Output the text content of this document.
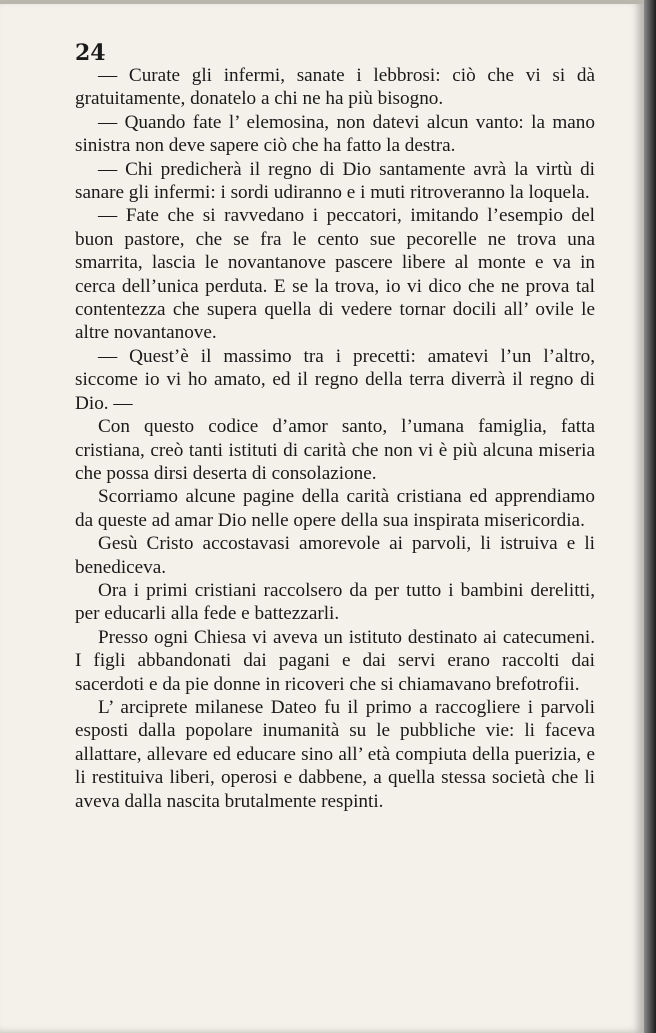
24

— Curate gli infermi, sanate i lebbrosi: ciò che vi si dà gratuitamente, donatelo a chi ne ha più bisogno.

— Quando fate l’ elemosina, non datevi alcun vanto: la mano sinistra non deve sapere ciò che ha fatto la destra.

— Chi predicherà il regno di Dio santamente avrà la virtù di sanare gli infermi: i sordi udiranno e i muti ritroveranno la loquela.

— Fate che si ravvedano i peccatori, imitando l’esempio del buon pastore, che se fra le cento sue pecorelle ne trova una smarrita, lascia le novantanove pascere libere al monte e va in cerca dell’unica perduta. E se la trova, io vi dico che ne prova tal contentezza che supera quella di vedere tornar docili all’ ovile le altre novantanove.

— Quest’è il massimo tra i precetti: amatevi l’un l’altro, siccome io vi ho amato, ed il regno della terra diverrà il regno di Dio. —

Con questo codice d’amor santo, l’umana famiglia, fatta cristiana, creò tanti istituti di carità che non vi è più alcuna miseria che possa dirsi deserta di consolazione.

Scorriamo alcune pagine della carità cristiana ed apprendiamo da queste ad amar Dio nelle opere della sua inspirata misericordia.

Gesù Cristo accostavasi amorevole ai parvoli, li istruiva e li benediceva.

Ora i primi cristiani raccolsero da per tutto i bambini derelitti, per educarli alla fede e battezzarli.

Presso ogni Chiesa vi aveva un istituto destinato ai catecumeni. I figli abbandonati dai pagani e dai servi erano raccolti dai sacerdoti e da pie donne in ricoveri che si chiamavano brefotrofii.

L’ arciprete milanese Dateo fu il primo a raccogliere i parvoli esposti dalla popolare inumanità su le pubbliche vie: li faceva allattare, allevare ed educare sino all’ età compiuta della puerizia, e li restituiva liberi, operosi e dabbene, a quella stessa società che li aveva dalla nascita brutalmente respinti.
